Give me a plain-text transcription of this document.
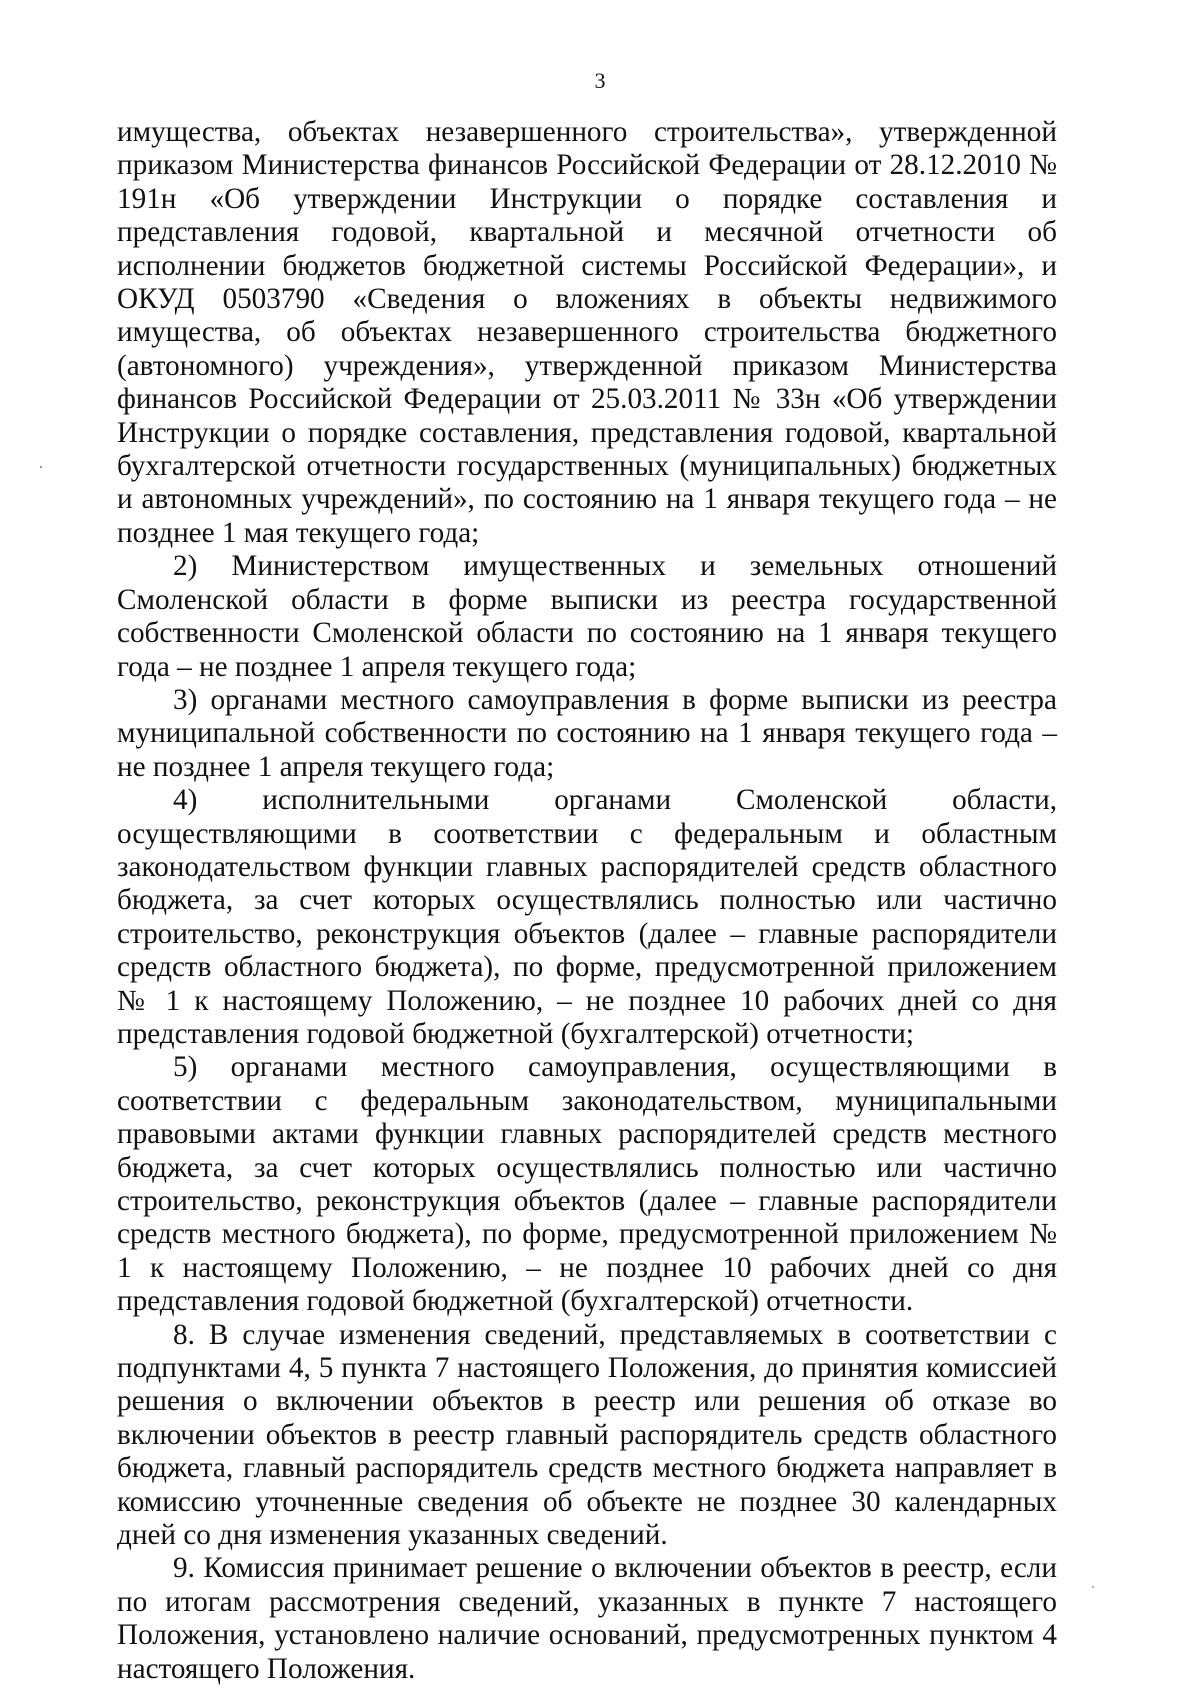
3

имущества, объектах незавершенного строительства», утвержденной приказом Министерства финансов Российской Федерации от 28.12.2010 № 191н «Об утверждении Инструкции о порядке составления и представления годовой, квартальной и месячной отчетности об исполнении бюджетов бюджетной системы Российской Федерации», и ОКУД 0503790 «Сведения о вложениях в объекты недвижимого имущества, об объектах незавершенного строительства бюджетного (автономного) учреждения», утвержденной приказом Министерства финансов Российской Федерации от 25.03.2011 № 33н «Об утверждении Инструкции о порядке составления, представления годовой, квартальной бухгалтерской отчетности государственных (муниципальных) бюджетных и автономных учреждений», по состоянию на 1 января текущего года – не позднее 1 мая текущего года;

2) Министерством имущественных и земельных отношений Смоленской области в форме выписки из реестра государственной собственности Смоленской области по состоянию на 1 января текущего года – не позднее 1 апреля текущего года;

3) органами местного самоуправления в форме выписки из реестра муниципальной собственности по состоянию на 1 января текущего года – не позднее 1 апреля текущего года;

4) исполнительными органами Смоленской области, осуществляющими в соответствии с федеральным и областным законодательством функции главных распорядителей средств областного бюджета, за счет которых осуществлялись полностью или частично строительство, реконструкция объектов (далее – главные распорядители средств областного бюджета), по форме, предусмотренной приложением № 1 к настоящему Положению, – не позднее 10 рабочих дней со дня представления годовой бюджетной (бухгалтерской) отчетности;

5) органами местного самоуправления, осуществляющими в соответствии с федеральным законодательством, муниципальными правовыми актами функции главных распорядителей средств местного бюджета, за счет которых осуществлялись полностью или частично строительство, реконструкция объектов (далее – главные распорядители средств местного бюджета), по форме, предусмотренной приложением № 1 к настоящему Положению, – не позднее 10 рабочих дней со дня представления годовой бюджетной (бухгалтерской) отчетности.

8. В случае изменения сведений, представляемых в соответствии с подпунктами 4, 5 пункта 7 настоящего Положения, до принятия комиссией решения о включении объектов в реестр или решения об отказе во включении объектов в реестр главный распорядитель средств областного бюджета, главный распорядитель средств местного бюджета направляет в комиссию уточненные сведения об объекте не позднее 30 календарных дней со дня изменения указанных сведений.

9. Комиссия принимает решение о включении объектов в реестр, если по итогам рассмотрения сведений, указанных в пункте 7 настоящего Положения, установлено наличие оснований, предусмотренных пунктом 4 настоящего Положения.
